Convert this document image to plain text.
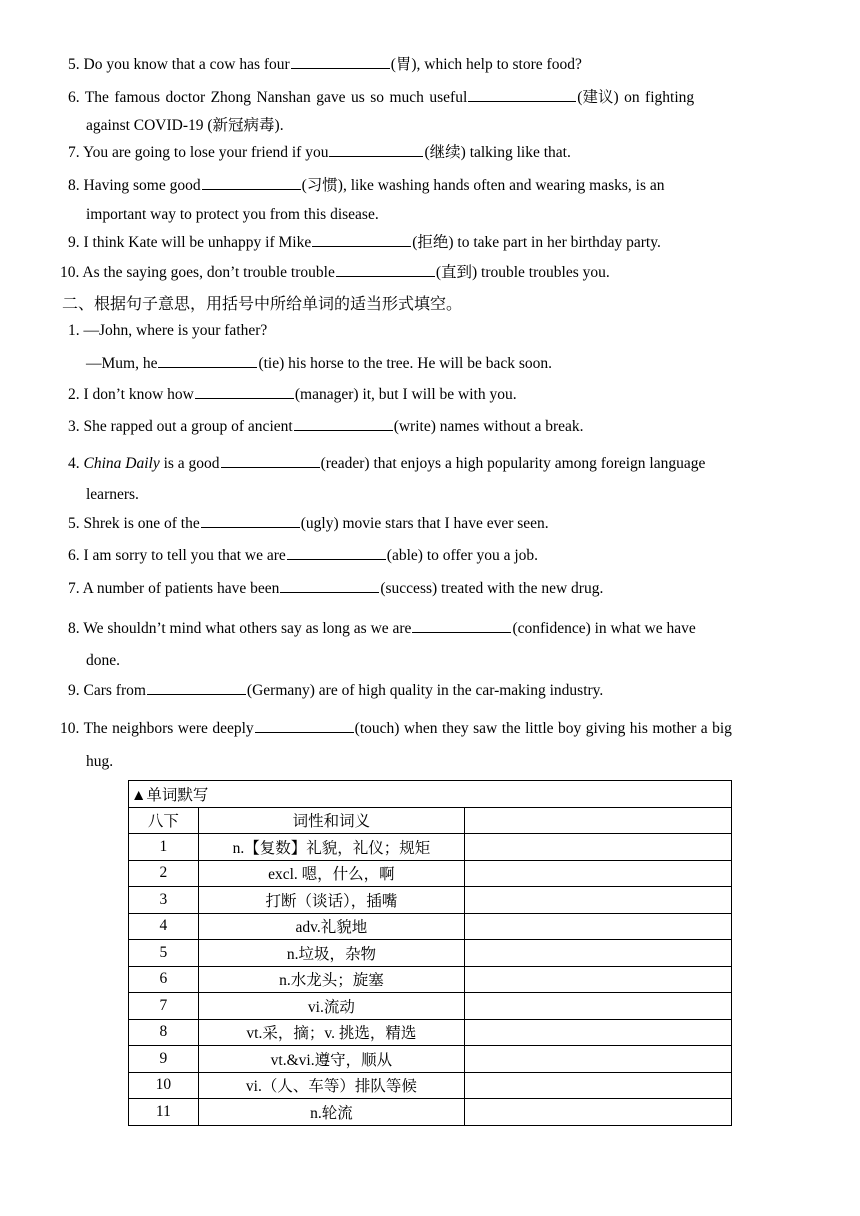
5. Do you know that a cow has four	(胃), which help to store food?
6. The famous doctor Zhong Nanshan gave us so much useful	(建议) on fighting
against COVID-19 (新冠病毒).
7. You are going to lose your friend if you	(继续) talking like that.
8. Having some good	(习惯), like washing hands often and wearing masks, is an
important way to protect you from this disease.
9. I think Kate will be unhappy if Mike	(拒绝) to take part in her birthday party.
10. As the saying goes, don’t trouble trouble	(直到) trouble troubles you.
二、根据句子意思，用括号中所给单词的适当形式填空。
1. —John, where is your father?
—Mum, he	(tie) his horse to the tree. He will be back soon.
2. I don’t know how	(manager) it, but I will be with you.
3. She rapped out a group of ancient	(write) names without a break.
4. China Daily is a good	(reader) that enjoys a high popularity among foreign language
learners.
5. Shrek is one of the	(ugly) movie stars that I have ever seen.
6. I am sorry to tell you that we are	(able) to offer you a job.
7. A number of patients have been	(success) treated with the new drug.
8. We shouldn’t mind what others say as long as we are	(confidence) in what we have
done.
9. Cars from	(Germany) are of high quality in the car-making industry.
10. The neighbors were deeply	(touch) when they saw the little boy giving his mother a big
hug.
▲单词默写		
八下	词性和词义	
1	n.【复数】礼貌，礼仪；规矩	
2	excl. 嗯，什么，啊	
3	打断（谈话），插嘴	
4	adv.礼貌地	
5	n.垃圾，杂物	
6	n.水龙头；旋塞	
7	vi.流动	
8	vt.采，摘；v. 挑选，精选	
9	vt.&vi.遵守，顺从	
10	vi.（人、车等）排队等候	
11	n.轮流	
